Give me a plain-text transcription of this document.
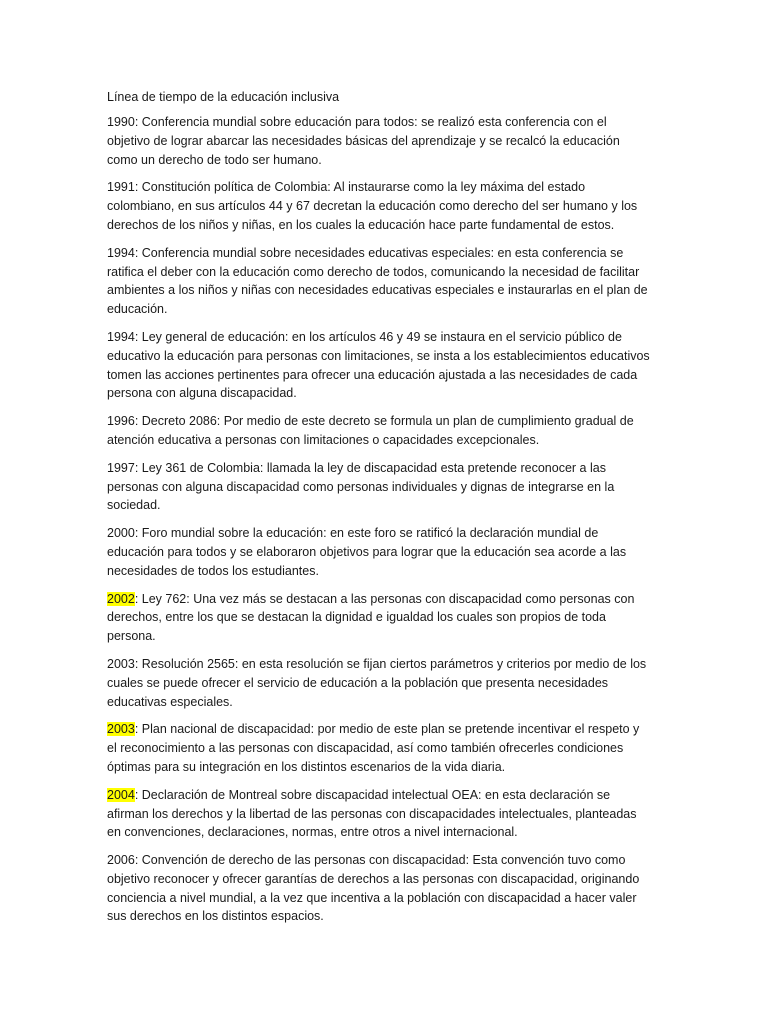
Línea de tiempo de la educación inclusiva

1990: Conferencia mundial sobre educación para todos: se realizó esta conferencia con el objetivo de lograr abarcar las necesidades básicas del aprendizaje y se recalcó la educación como un derecho de todo ser humano.

1991: Constitución política de Colombia: Al instaurarse como la ley máxima del estado colombiano, en sus artículos 44 y 67 decretan la educación como derecho del ser humano y los derechos de los niños y niñas, en los cuales la educación hace parte fundamental de estos.

1994: Conferencia mundial sobre necesidades educativas especiales: en esta conferencia se ratifica el deber con la educación como derecho de todos, comunicando la necesidad de facilitar ambientes a los niños y niñas con necesidades educativas especiales e instaurarlas en el plan de educación.

1994: Ley general de educación: en los artículos 46 y 49 se instaura en el servicio público de educativo la educación para personas con limitaciones, se insta a los establecimientos educativos tomen las acciones pertinentes para ofrecer una educación ajustada a las necesidades de cada persona con alguna discapacidad.

1996: Decreto 2086: Por medio de este decreto se formula un plan de cumplimiento gradual de atención educativa a personas con limitaciones o capacidades excepcionales.

1997: Ley 361 de Colombia: llamada la ley de discapacidad esta pretende reconocer a las personas con alguna discapacidad como personas individuales y dignas de integrarse en la sociedad.

2000: Foro mundial sobre la educación: en este foro se ratificó la declaración mundial de educación para todos y se elaboraron objetivos para lograr que la educación sea acorde a las necesidades de todos los estudiantes.

2002: Ley 762: Una vez más se destacan a las personas con discapacidad como personas con derechos, entre los que se destacan la dignidad e igualdad los cuales son propios de toda persona.

2003: Resolución 2565: en esta resolución se fijan ciertos parámetros y criterios por medio de los cuales se puede ofrecer el servicio de educación a la población que presenta necesidades educativas especiales.

2003: Plan nacional de discapacidad: por medio de este plan se pretende incentivar el respeto y el reconocimiento a las personas con discapacidad, así como también ofrecerles condiciones óptimas para su integración en los distintos escenarios de la vida diaria.

2004: Declaración de Montreal sobre discapacidad intelectual OEA: en esta declaración se afirman los derechos y la libertad de las personas con discapacidades intelectuales, planteadas en convenciones, declaraciones, normas, entre otros a nivel internacional.

2006: Convención de derecho de las personas con discapacidad: Esta convención tuvo como objetivo reconocer y ofrecer garantías de derechos a las personas con discapacidad, originando conciencia a nivel mundial, a la vez que incentiva a la población con discapacidad a hacer valer sus derechos en los distintos espacios.
